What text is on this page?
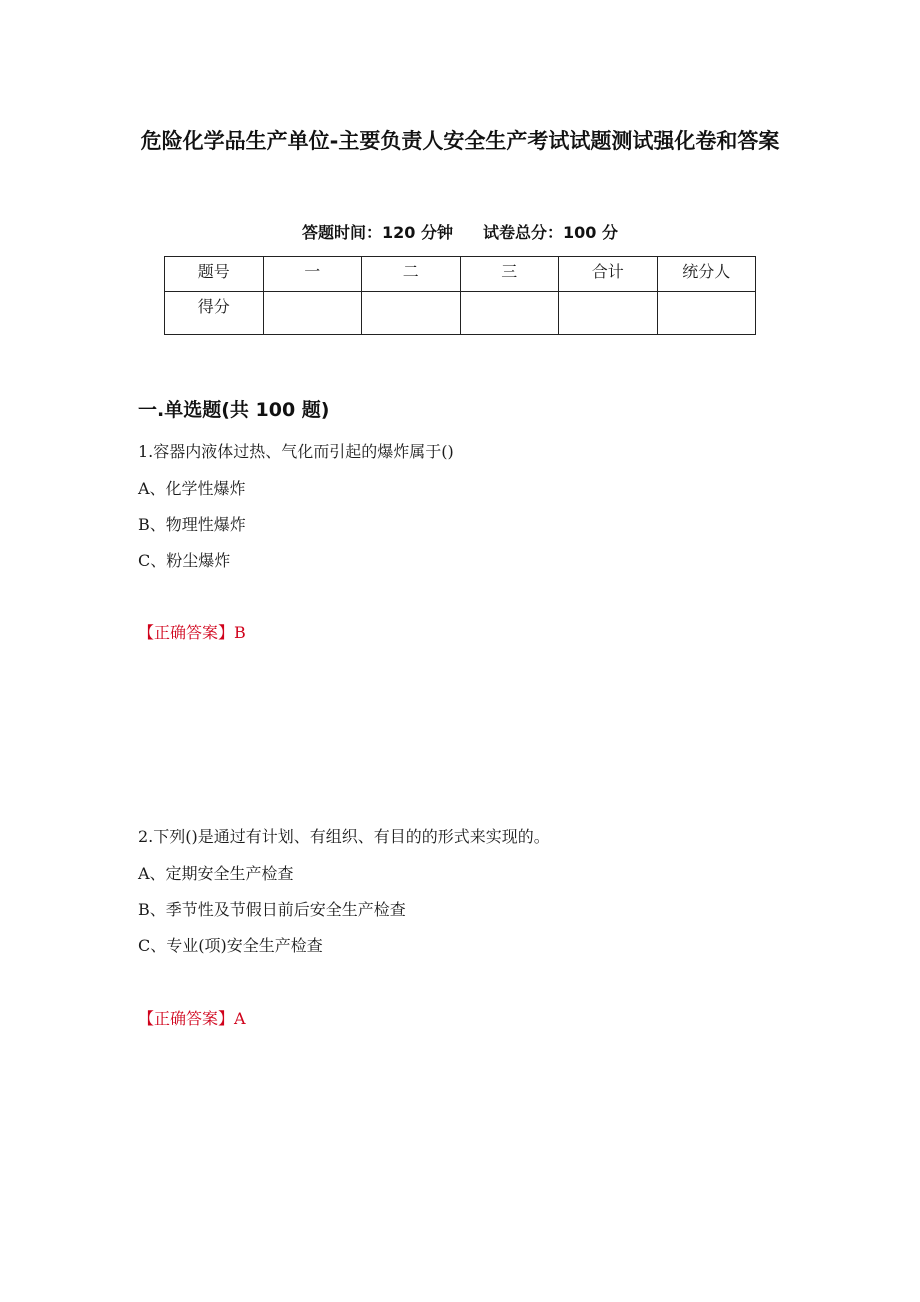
危险化学品生产单位-主要负责人安全生产考试试题测试强化卷和答案
答题时间：120 分钟 试卷总分：100 分
题号	一	二	三	合计	统分人
得分					
一.单选题(共 100 题)
1.容器内液体过热、气化而引起的爆炸属于()
A、化学性爆炸
B、物理性爆炸
C、粉尘爆炸
【正确答案】B
2.下列()是通过有计划、有组织、有目的的形式来实现的。
A、定期安全生产检查
B、季节性及节假日前后安全生产检查
C、专业(项)安全生产检查
【正确答案】A
